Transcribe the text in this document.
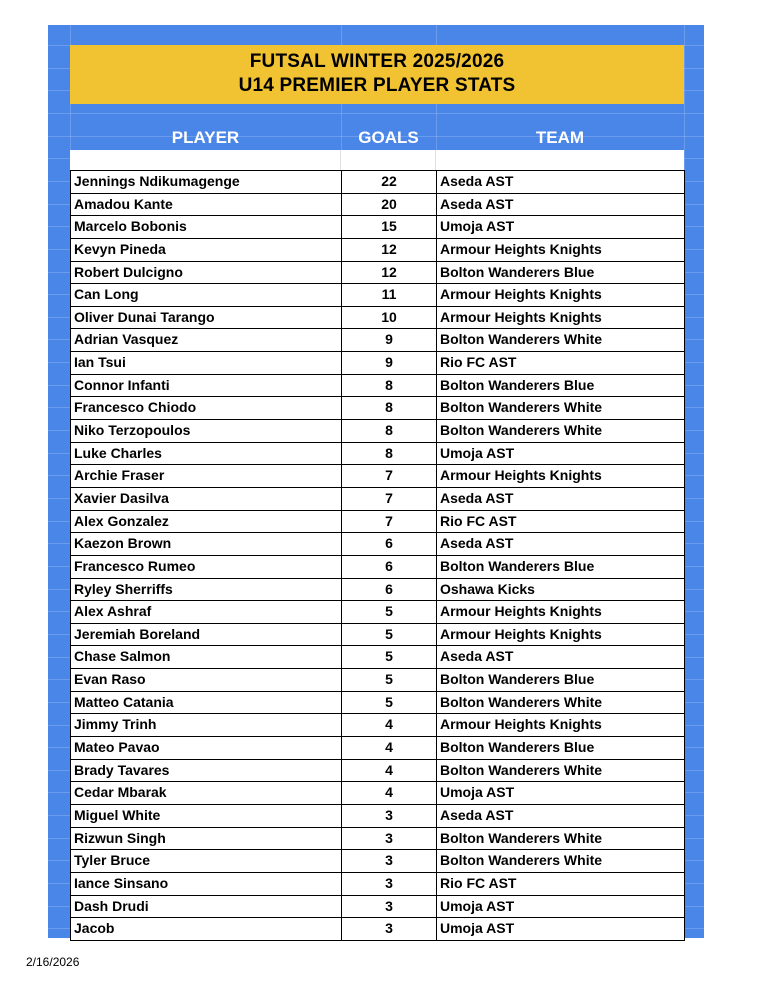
FUTSAL WINTER 2025/2026
U14 PREMIER PLAYER STATS
PLAYER	GOALS	TEAM
Jennings Ndikumagenge	22	Aseda AST
Amadou Kante	20	Aseda AST
Marcelo Bobonis	15	Umoja AST
Kevyn Pineda	12	Armour Heights Knights
Robert Dulcigno	12	Bolton Wanderers Blue
Can Long	11	Armour Heights Knights
Oliver Dunai Tarango	10	Armour Heights Knights
Adrian Vasquez	9	Bolton Wanderers White
Ian Tsui	9	Rio FC AST
Connor Infanti	8	Bolton Wanderers Blue
Francesco Chiodo	8	Bolton Wanderers White
Niko Terzopoulos	8	Bolton Wanderers White
Luke Charles	8	Umoja AST
Archie Fraser	7	Armour Heights Knights
Xavier Dasilva	7	Aseda AST
Alex Gonzalez	7	Rio FC AST
Kaezon Brown	6	Aseda AST
Francesco Rumeo	6	Bolton Wanderers Blue
Ryley Sherriffs	6	Oshawa Kicks
Alex Ashraf	5	Armour Heights Knights
Jeremiah Boreland	5	Armour Heights Knights
Chase Salmon	5	Aseda AST
Evan Raso	5	Bolton Wanderers Blue
Matteo Catania	5	Bolton Wanderers White
Jimmy Trinh	4	Armour Heights Knights
Mateo Pavao	4	Bolton Wanderers Blue
Brady Tavares	4	Bolton Wanderers White
Cedar Mbarak	4	Umoja AST
Miguel White	3	Aseda AST
Rizwun Singh	3	Bolton Wanderers White
Tyler Bruce	3	Bolton Wanderers White
Iance Sinsano	3	Rio FC AST
Dash Drudi	3	Umoja AST
Jacob	3	Umoja AST
2/16/2026
